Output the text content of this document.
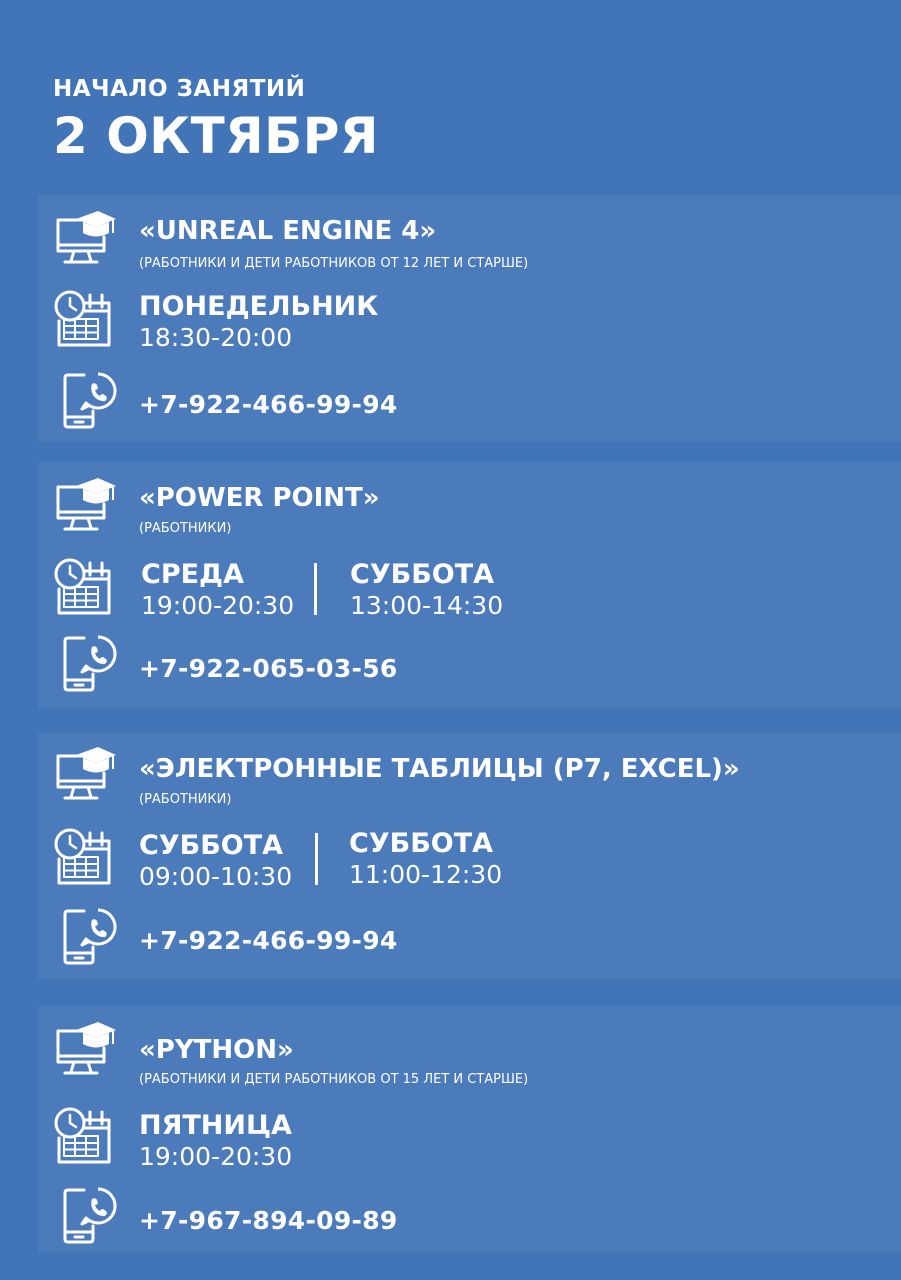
НАЧАЛО ЗАНЯТИЙ
2 ОКТЯБРЯ
«UNREAL ENGINE 4»
(РАБОТНИКИ И ДЕТИ РАБОТНИКОВ ОТ 12 ЛЕТ И СТАРШЕ)
ПОНЕДЕЛЬНИК
18:30-20:00
+7-922-466-99-94
«POWER POINT»
(РАБОТНИКИ)
СРЕДА
19:00-20:30
СУББОТА
13:00-14:30
+7-922-065-03-56
«ЭЛЕКТРОННЫЕ ТАБЛИЦЫ (Р7, EXCEL)»
(РАБОТНИКИ)
СУББОТА
09:00-10:30
СУББОТА
11:00-12:30
+7-922-466-99-94
«PYTHON»
(РАБОТНИКИ И ДЕТИ РАБОТНИКОВ ОТ 15 ЛЕТ И СТАРШЕ)
ПЯТНИЦА
19:00-20:30
+7-967-894-09-89
